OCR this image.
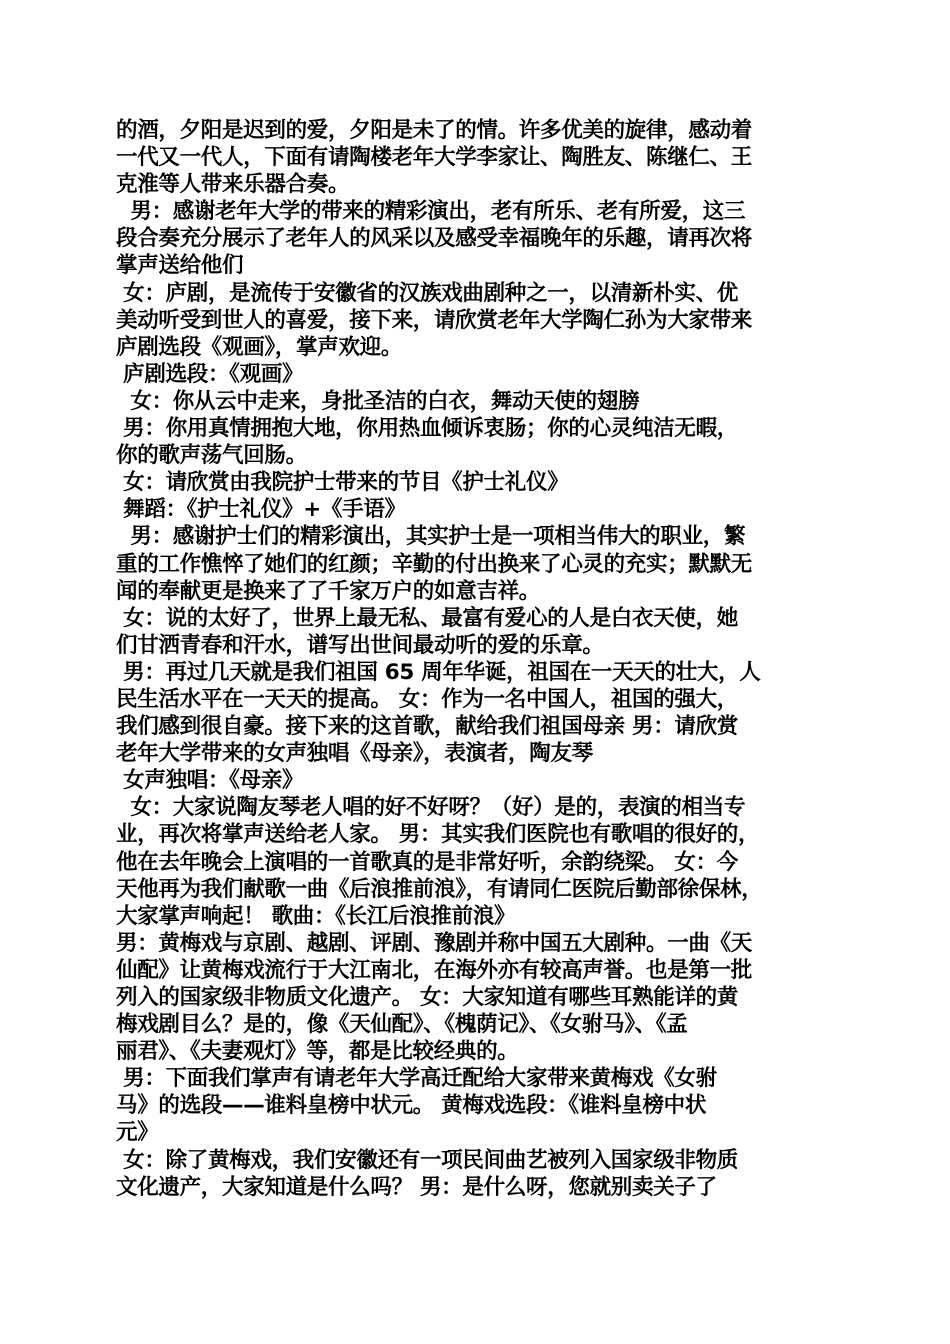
的酒，夕阳是迟到的爱，夕阳是未了的情。许多优美的旋律，感动着
一代又一代人，下面有请陶楼老年大学李家让、陶胜友、陈继仁、王
克淮等人带来乐器合奏。
男：感谢老年大学的带来的精彩演出，老有所乐、老有所爱，这三
段合奏充分展示了老年人的风采以及感受幸福晚年的乐趣，请再次将
掌声送给他们
女：庐剧，是流传于安徽省的汉族戏曲剧种之一，以清新朴实、优
美动听受到世人的喜爱，接下来，请欣赏老年大学陶仁孙为大家带来
庐剧选段《观画》，掌声欢迎。
庐剧选段：《观画》
女：你从云中走来，身批圣洁的白衣，舞动天使的翅膀
男：你用真情拥抱大地，你用热血倾诉衷肠；你的心灵纯洁无暇，
你的歌声荡气回肠。
女：请欣赏由我院护士带来的节目《护士礼仪》
舞蹈：《护士礼仪》+《手语》
男：感谢护士们的精彩演出，其实护士是一项相当伟大的职业，繁
重的工作憔悴了她们的红颜；辛勤的付出换来了心灵的充实；默默无
闻的奉献更是换来了了千家万户的如意吉祥。
女：说的太好了，世界上最无私、最富有爱心的人是白衣天使，她
们甘洒青春和汗水，谱写出世间最动听的爱的乐章。
男：再过几天就是我们祖国 65 周年华诞，祖国在一天天的壮大，人
民生活水平在一天天的提高。 女：作为一名中国人，祖国的强大，
我们感到很自豪。接下来的这首歌，献给我们祖国母亲 男：请欣赏
老年大学带来的女声独唱《母亲》，表演者，陶友琴
女声独唱：《母亲》
女：大家说陶友琴老人唱的好不好呀？（好）是的，表演的相当专
业，再次将掌声送给老人家。 男：其实我们医院也有歌唱的很好的，
他在去年晚会上演唱的一首歌真的是非常好听，余韵绕梁。 女：今
天他再为我们献歌一曲《后浪推前浪》，有请同仁医院后勤部徐保林，
大家掌声响起！ 歌曲：《长江后浪推前浪》
男：黄梅戏与京剧、越剧、评剧、豫剧并称中国五大剧种。一曲《天
仙配》让黄梅戏流行于大江南北，在海外亦有较高声誉。也是第一批
列入的国家级非物质文化遗产。 女：大家知道有哪些耳熟能详的黄
梅戏剧目么？是的，像《天仙配》、《槐荫记》、《女驸马》、《孟
丽君》、《夫妻观灯》等，都是比较经典的。
男：下面我们掌声有请老年大学高迁配给大家带来黄梅戏《女驸
马》的选段——谁料皇榜中状元。 黄梅戏选段：《谁料皇榜中状
元》
女：除了黄梅戏，我们安徽还有一项民间曲艺被列入国家级非物质
文化遗产，大家知道是什么吗？ 男：是什么呀，您就别卖关子了
